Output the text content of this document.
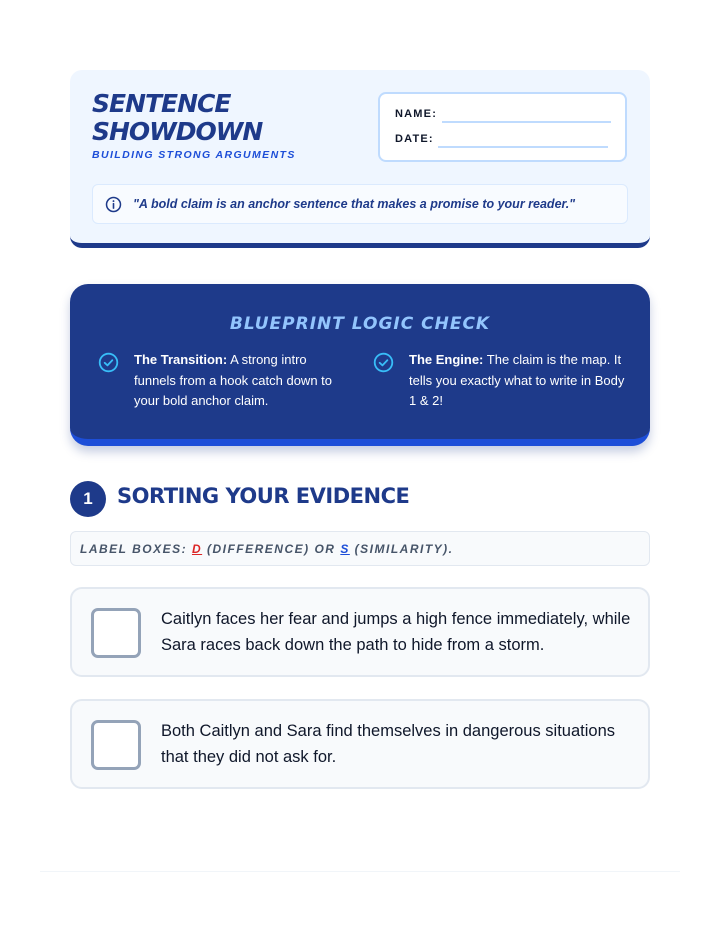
SENTENCE
SHOWDOWN
BUILDING STRONG ARGUMENTS
NAME:
DATE:
"A bold claim is an anchor sentence that makes a promise to your reader."
BLUEPRINT LOGIC CHECK
The Transition: A strong intro funnels from a hook catch down to your bold anchor claim.
The Engine: The claim is the map. It tells you exactly what to write in Body 1 & 2!
1	SORTING YOUR EVIDENCE
LABEL BOXES: D (DIFFERENCE) OR S (SIMILARITY).
Caitlyn faces her fear and jumps a high fence immediately, while Sara races back down the path to hide from a storm.
Both Caitlyn and Sara find themselves in dangerous situations that they did not ask for.
